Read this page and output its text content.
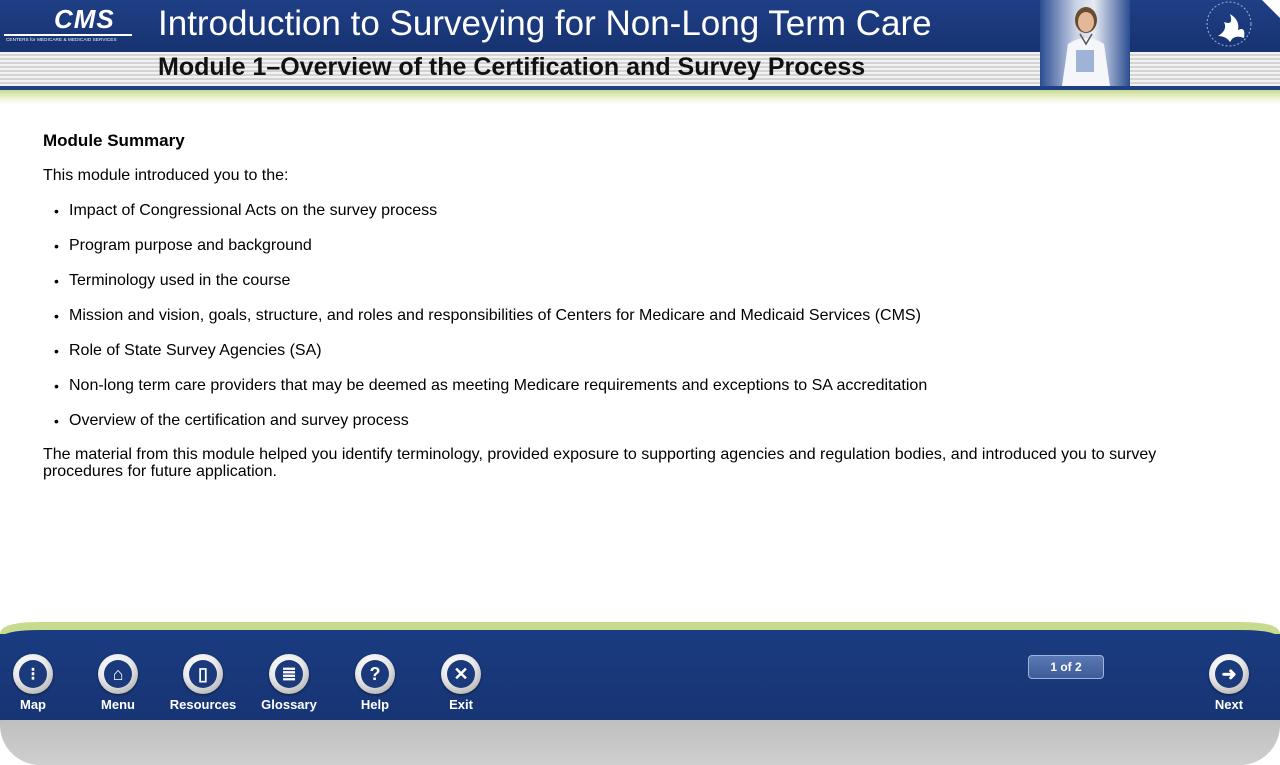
CMS
CENTERS for MEDICARE & MEDICAID SERVICES Introduction to Surveying for Non-Long Term Care
Module 1–Overview of the Certification and Survey Process
Module Summary
This module introduced you to the:
• Impact of Congressional Acts on the survey process
• Program purpose and background
• Terminology used in the course
• Mission and vision, goals, structure, and roles and responsibilities of Centers for Medicare and Medicaid Services (CMS)
• Role of State Survey Agencies (SA)
• Non-long term care providers that may be deemed as meeting Medicare requirements and exceptions to SA accreditation
• Overview of the certification and survey process
The material from this module helped you identify terminology, provided exposure to supporting agencies and regulation bodies, and introduced you to survey procedures for future application.
⁝
Map
⌂
Menu
▯
Resources
≣
Glossary
?
Help
✕
Exit
1 of 2	➜
Next
